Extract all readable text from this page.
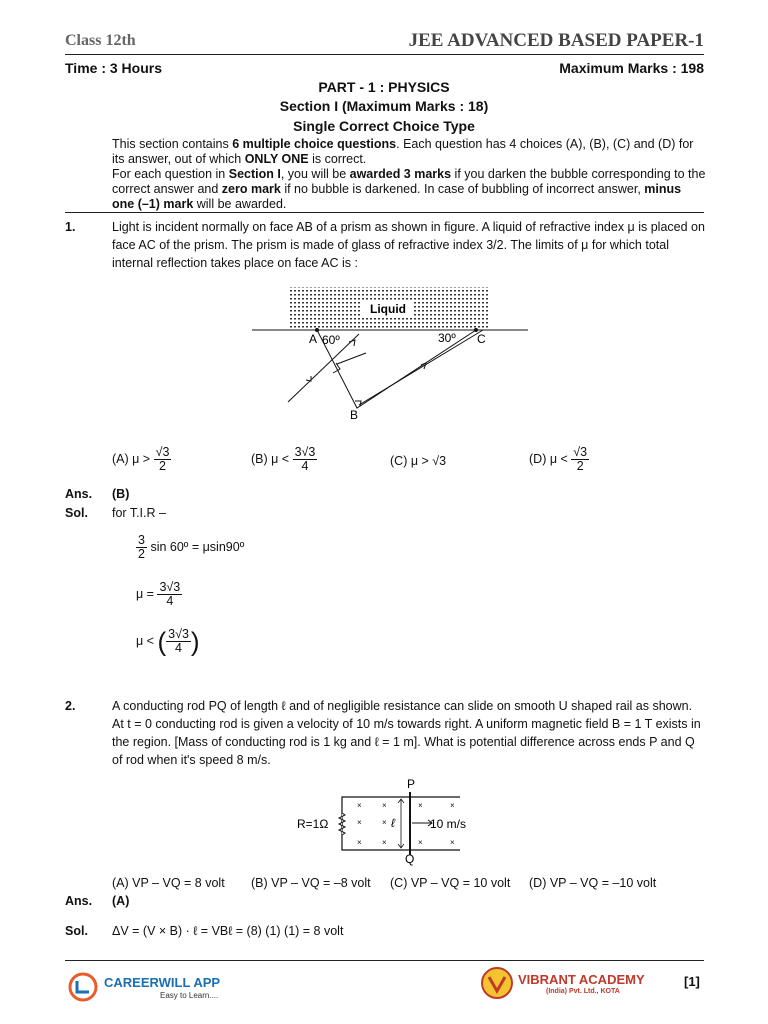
Class 12th	JEE ADVANCED BASED PAPER-1
Time : 3 Hours	Maximum Marks : 198
PART - 1 : PHYSICS
Section I (Maximum Marks : 18)
Single Correct Choice Type
This section contains 6 multiple choice questions. Each question has 4 choices (A), (B), (C) and (D) for its answer, out of which ONLY ONE is correct.
For each question in Section I, you will be awarded 3 marks if you darken the bubble corresponding to the correct answer and zero mark if no bubble is darkened. In case of bubbling of incorrect answer, minus one (–1) mark will be awarded.
1.	Light is incident normally on face AB of a prism as shown in figure. A liquid of refractive index μ is placed on face AC of the prism. The prism is made of glass of refractive index 3/2. The limits of μ for which total internal reflection takes place on face AC is :
Liquid
A 60º	30º C
B
(A) $\mu > \frac{√3}{2}$	(B) $\mu < \frac{3√3}{4}$	(C) μ > √3	(D) $\mu < \frac{√3}{2}$
Ans. (B)
Sol. for T.I.R –
$\frac{3}{2}$ sin 60º = μsin90º
$\mu = \frac{3√3}{4}$
μ < ( $\frac{3√3}{4}$ )
2.	A conducting rod PQ of length ℓ and of negligible resistance can slide on smooth U shaped rail as shown. At t = 0 conducting rod is given a velocity of 10 m/s towards right. A uniform magnetic field B = 1 T exists in the region. [Mass of conducting rod is 1 kg and ℓ = 1 m]. What is potential difference across ends P and Q of rod when it's speed 8 m/s.
P
Q
R=1Ω	ℓ	10 m/s
×	×	×	×
×	×
×	×	×	×
(A) VP – VQ = 8 volt (B) VP – VQ = –8 volt (C) VP – VQ = 10 volt (D) VP – VQ = –10 volt
Ans. (A)
Sol. ΔV = (V × B) · ℓ = VBℓ = (8) (1) (1) = 8 volt
CAREERWILL APP
Easy to Learn....
VIBRANT ACADEMY
(India) Pvt. Ltd., KOTA
[1]
